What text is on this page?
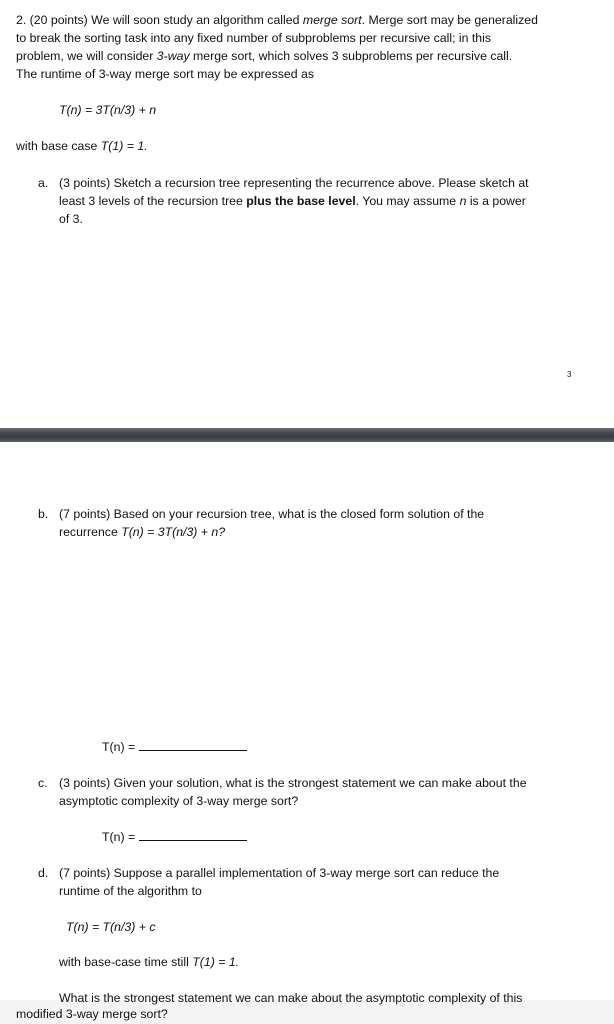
2. (20 points) We will soon study an algorithm called merge sort. Merge sort may be generalized
to break the sorting task into any fixed number of subproblems per recursive call; in this
problem, we will consider 3-way merge sort, which solves 3 subproblems per recursive call.
The runtime of 3-way merge sort may be expressed as
T(n) = 3T(n/3) + n
with base case T(1) = 1.
a. (3 points) Sketch a recursion tree representing the recurrence above. Please sketch at
least 3 levels of the recursion tree plus the base level. You may assume n is a power
of 3.
3
b. (7 points) Based on your recursion tree, what is the closed form solution of the
recurrence T(n) = 3T(n/3) + n?
T(n) =
c. (3 points) Given your solution, what is the strongest statement we can make about the
asymptotic complexity of 3-way merge sort?
T(n) =
d. (7 points) Suppose a parallel implementation of 3-way merge sort can reduce the
runtime of the algorithm to
T(n) = T(n/3) + c
with base-case time still T(1) = 1.
What is the strongest statement we can make about the asymptotic complexity of this
modified 3-way merge sort?
